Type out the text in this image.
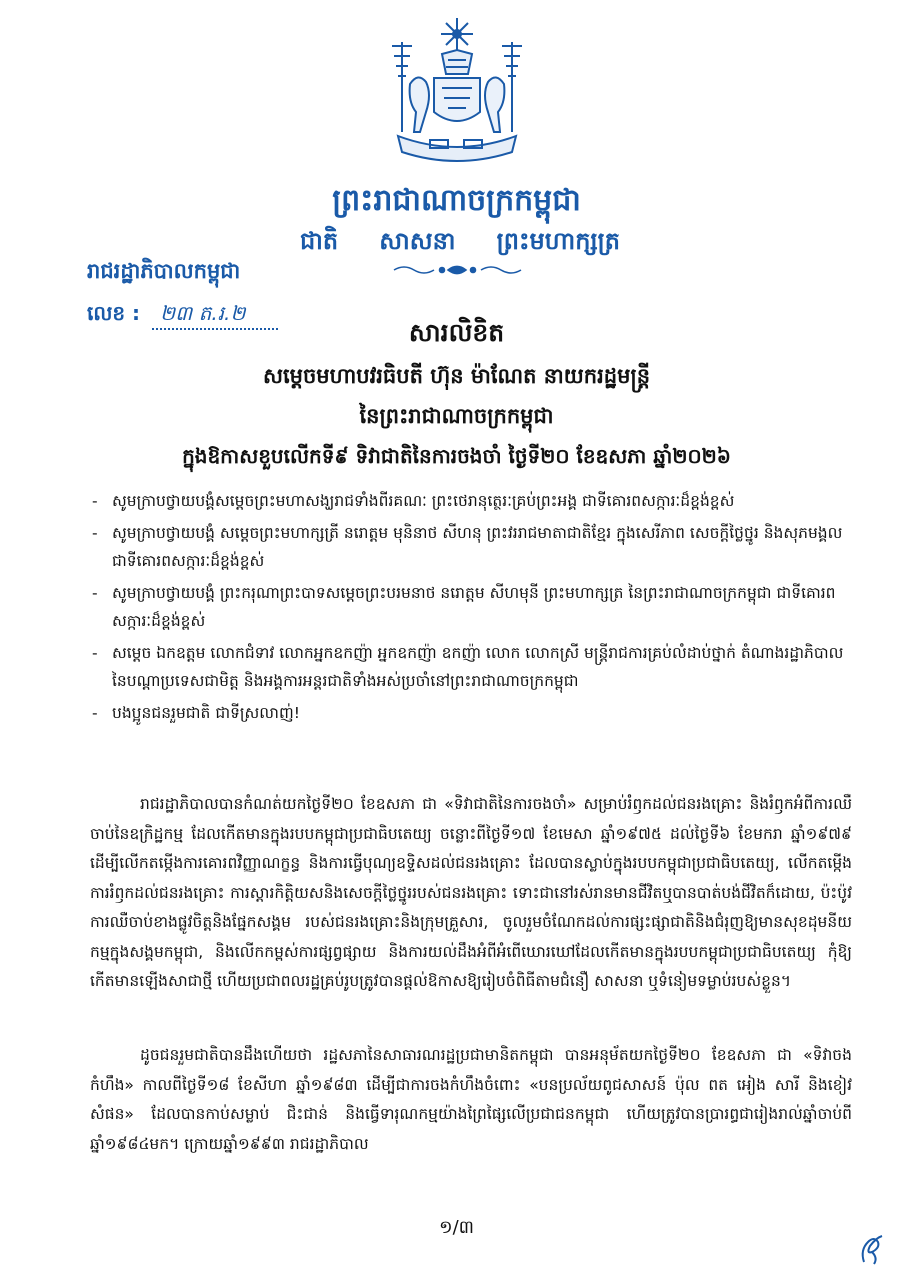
ព្រះរាជាណាចក្រកម្ពុជា
ជាតិ សាសនា ព្រះមហាក្សត្រ
រាជរដ្ឋាភិបាលកម្ពុជា
លេខ :	២៣ ត.រ.២
សារលិខិត
សម្តេចមហាបវរធិបតី ហ៊ុន ម៉ាណែត នាយករដ្ឋមន្ត្រី
នៃព្រះរាជាណាចក្រកម្ពុជា
ក្នុងឱកាសខួបលើកទី៩ ទិវាជាតិនៃការចងចាំ ថ្ងៃទី២០ ខែឧសភា ឆ្នាំ២០២៦
- សូមក្រាបថ្វាយបង្គំសម្តេចព្រះមហាសង្ឃរាជទាំងពីរគណៈ ព្រះថេរានុត្ថេរៈគ្រប់ព្រះអង្គ ជាទីគោរពសក្ការៈដ៏ខ្ពង់ខ្ពស់
- សូមក្រាបថ្វាយបង្គំ សម្តេចព្រះមហាក្សត្រី នរោត្តម មុនិនាថ សីហនុ ព្រះវររាជមាតាជាតិខ្មែរ ក្នុងសេរីភាព សេចក្តីថ្លៃថ្នូរ និងសុភមង្គល ជាទីគោរពសក្ការៈដ៏ខ្ពង់ខ្ពស់
- សូមក្រាបថ្វាយបង្គំ ព្រះករុណាព្រះបាទសម្តេចព្រះបរមនាថ នរោត្តម សីហមុនី ព្រះមហាក្សត្រ នៃព្រះរាជាណាចក្រកម្ពុជា ជាទីគោរពសក្ការៈដ៏ខ្ពង់ខ្ពស់
- សម្តេច ឯកឧត្តម លោកជំទាវ លោកអ្នកឧកញ៉ា អ្នកឧកញ៉ា ឧកញ៉ា លោក លោកស្រី មន្ត្រីរាជការគ្រប់លំដាប់ថ្នាក់ តំណាងរដ្ឋាភិបាលនៃបណ្តាប្រទេសជាមិត្ត និងអង្គការអន្តរជាតិទាំងអស់ប្រចាំនៅព្រះរាជាណាចក្រកម្ពុជា
- បងប្អូនជនរួមជាតិ ជាទីស្រលាញ់!

រាជរដ្ឋាភិបាលបានកំណត់យកថ្ងៃទី២០ ខែឧសភា ជា «ទិវាជាតិនៃការចងចាំ» សម្រាប់រំឭកដល់ជនរងគ្រោះ និងរំឭកអំពីការឈឺចាប់នៃឧក្រិដ្ឋកម្ម ដែលកើតមានក្នុងរបបកម្ពុជាប្រជាធិបតេយ្យ ចន្លោះពីថ្ងៃទី១៧ ខែមេសា ឆ្នាំ១៩៧៥ ដល់ថ្ងៃទី៦ ខែមករា ឆ្នាំ១៩៧៩ ដើម្បីលើកតម្កើងការគោរពវិញ្ញាណក្ខន្ធ និងការធ្វើបុណ្យឧទ្ទិសដល់ជនរងគ្រោះ ដែលបានស្លាប់ក្នុងរបបកម្ពុជាប្រជាធិបតេយ្យ, លើកតម្កើងការរំឭកដល់ជនរងគ្រោះ ការស្តារកិត្តិយសនិងសេចក្តីថ្លៃថ្នូររបស់ជនរងគ្រោះ ទោះជានៅរស់រានមានជីវិតឬបានបាត់បង់ជីវិតក៏ដោយ, ប៉ះប៉ូវការឈឺចាប់ខាងផ្លូវចិត្តនិងផ្នែកសង្គម របស់ជនរងគ្រោះនិងក្រុមគ្រួសារ, ចូលរួមចំណែកដល់ការផ្សះផ្សាជាតិនិងជំរុញឱ្យមានសុខដុមនីយកម្មក្នុងសង្គមកម្ពុជា, និងលើកកម្ពស់ការផ្សព្វផ្សាយ និងការយល់ដឹងអំពីអំពើឃោរឃៅដែលកើតមានក្នុងរបបកម្ពុជាប្រជាធិបតេយ្យ កុំឱ្យកើតមានឡើងសាជាថ្មី ហើយប្រជាពលរដ្ឋគ្រប់រូបត្រូវបានផ្តល់ឱកាសឱ្យរៀបចំពិធីតាមជំនឿ សាសនា ឬទំនៀមទម្លាប់របស់ខ្លួន។

ដូចជនរួមជាតិបានដឹងហើយថា រដ្ឋសភានៃសាធារណរដ្ឋប្រជាមានិតកម្ពុជា បានអនុម័តយកថ្ងៃទី២០ ខែឧសភា ជា «ទិវាចងកំហឹង» កាលពីថ្ងៃទី១៨ ខែសីហា ឆ្នាំ១៩៨៣ ដើម្បីជាការចងកំហឹងចំពោះ «បនប្រល័យពូជសាសន៍ ប៉ុល ពត អៀង សារី និងខៀវ សំផន» ដែលបានកាប់សម្លាប់ ជិះជាន់ និងធ្វើទារុណកម្មយ៉ាងព្រៃផ្សៃលើប្រជាជនកម្ពុជា ហើយត្រូវបានប្រារព្ធជារៀងរាល់ឆ្នាំចាប់ពីឆ្នាំ១៩៨៤មក។ ក្រោយឆ្នាំ១៩៩៣ រាជរដ្ឋាភិបាល

១/៣
